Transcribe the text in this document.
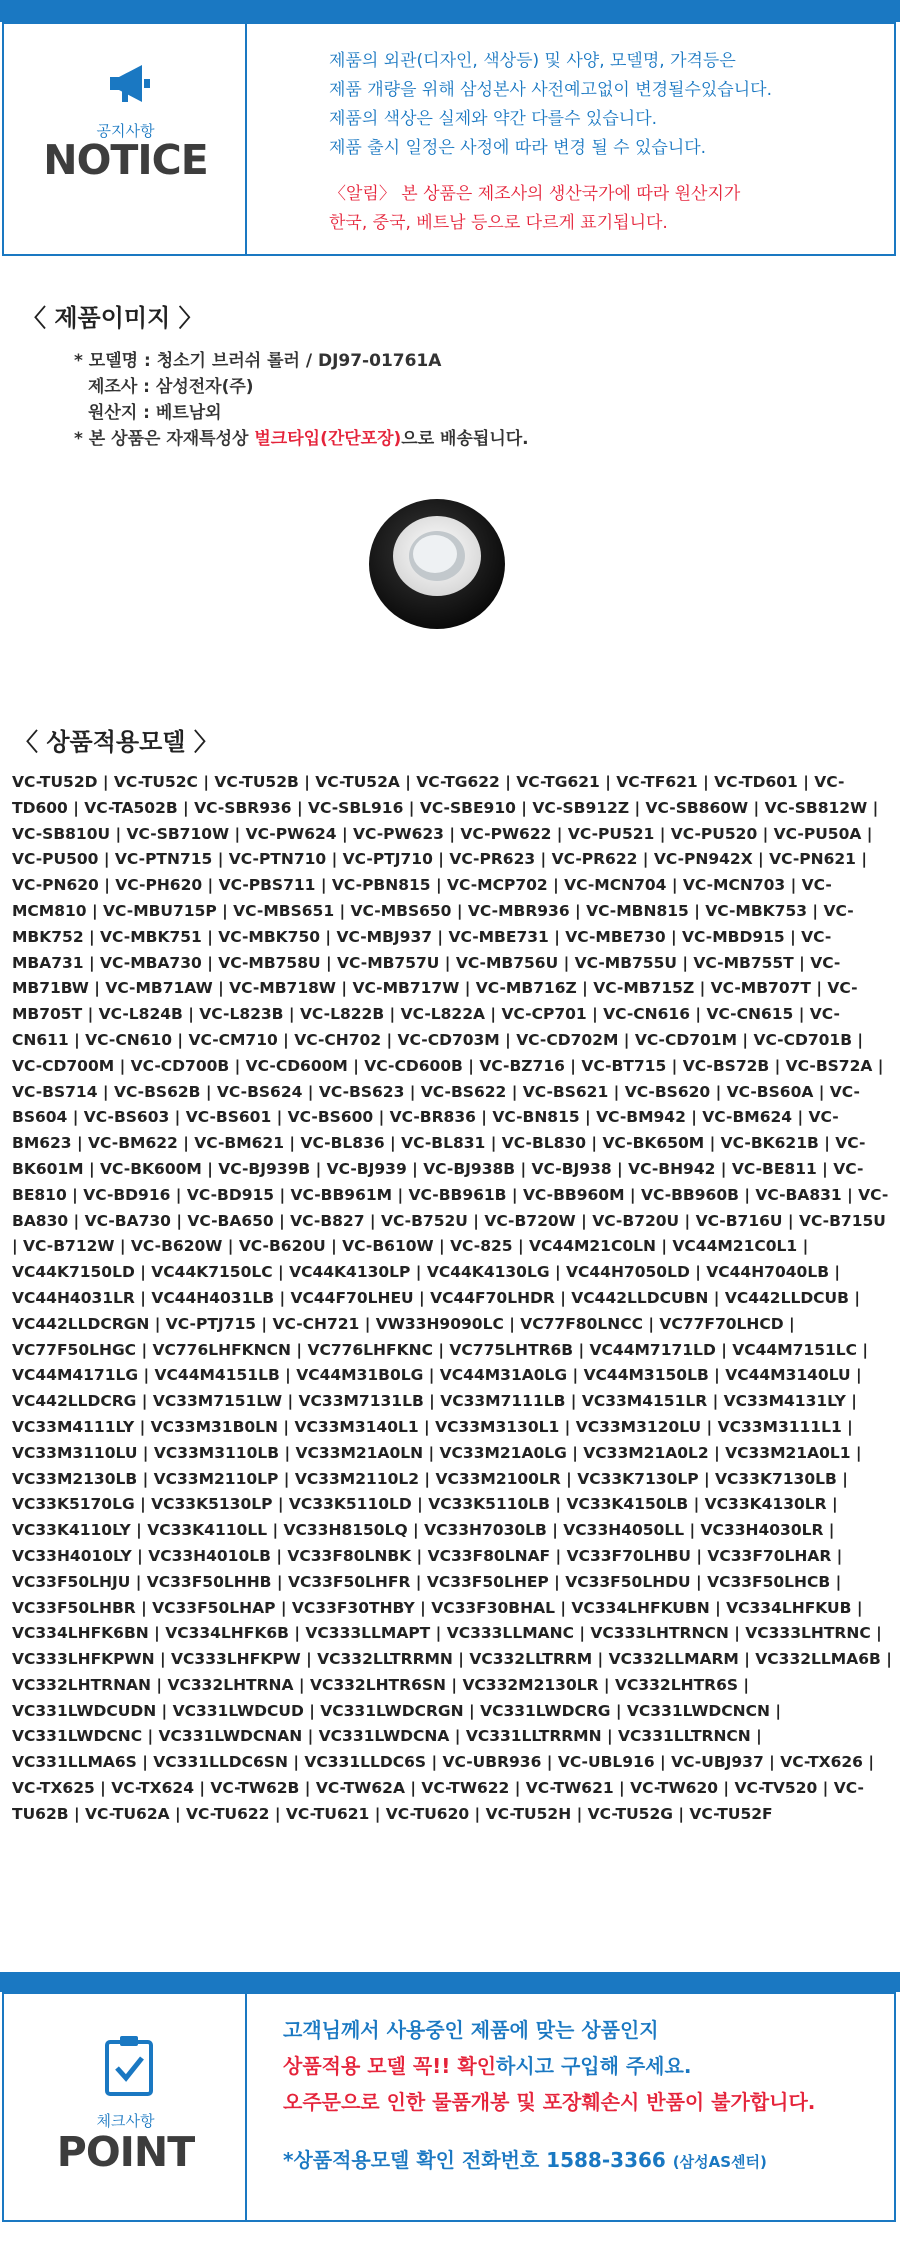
공지사항
NOTICE
제품의 외관(디자인, 색상등) 및 사양, 모델명, 가격등은
제품 개량을 위해 삼성본사 사전예고없이 변경될수있습니다.
제품의 색상은 실제와 약간 다를수 있습니다.
제품 출시 일정은 사정에 따라 변경 될 수 있습니다.
〈알림〉 본 상품은 제조사의 생산국가에 따라 원산지가
한국, 중국, 베트남 등으로 다르게 표기됩니다.
〈 제품이미지 〉
* 모델명 : 청소기 브러쉬 롤러 / DJ97-01761A
제조사 : 삼성전자(주)
원산지 : 베트남외
* 본 상품은 자재특성상 벌크타입(간단포장)으로 배송됩니다.
〈 상품적용모델 〉
VC-TU52D | VC-TU52C | VC-TU52B | VC-TU52A | VC-TG622 | VC-TG621 | VC-TF621 | VC-TD601 | VC-TD600 | VC-TA502B | VC-SBR936 | VC-SBL916 | VC-SBE910 | VC-SB912Z | VC-SB860W | VC-SB812W | VC-SB810U | VC-SB710W | VC-PW624 | VC-PW623 | VC-PW622 | VC-PU521 | VC-PU520 | VC-PU50A | VC-PU500 | VC-PTN715 | VC-PTN710 | VC-PTJ710 | VC-PR623 | VC-PR622 | VC-PN942X | VC-PN621 | VC-PN620 | VC-PH620 | VC-PBS711 | VC-PBN815 | VC-MCP702 | VC-MCN704 | VC-MCN703 | VC-MCM810 | VC-MBU715P | VC-MBS651 | VC-MBS650 | VC-MBR936 | VC-MBN815 | VC-MBK753 | VC-MBK752 | VC-MBK751 | VC-MBK750 | VC-MBJ937 | VC-MBE731 | VC-MBE730 | VC-MBD915 | VC-MBA731 | VC-MBA730 | VC-MB758U | VC-MB757U | VC-MB756U | VC-MB755U | VC-MB755T | VC-MB71BW | VC-MB71AW | VC-MB718W | VC-MB717W | VC-MB716Z | VC-MB715Z | VC-MB707T | VC-MB705T | VC-L824B | VC-L823B | VC-L822B | VC-L822A | VC-CP701 | VC-CN616 | VC-CN615 | VC-CN611 | VC-CN610 | VC-CM710 | VC-CH702 | VC-CD703M | VC-CD702M | VC-CD701M | VC-CD701B | VC-CD700M | VC-CD700B | VC-CD600M | VC-CD600B | VC-BZ716 | VC-BT715 | VC-BS72B | VC-BS72A | VC-BS714 | VC-BS62B | VC-BS624 | VC-BS623 | VC-BS622 | VC-BS621 | VC-BS620 | VC-BS60A | VC-BS604 | VC-BS603 | VC-BS601 | VC-BS600 | VC-BR836 | VC-BN815 | VC-BM942 | VC-BM624 | VC-BM623 | VC-BM622 | VC-BM621 | VC-BL836 | VC-BL831 | VC-BL830 | VC-BK650M | VC-BK621B | VC-BK601M | VC-BK600M | VC-BJ939B | VC-BJ939 | VC-BJ938B | VC-BJ938 | VC-BH942 | VC-BE811 | VC-BE810 | VC-BD916 | VC-BD915 | VC-BB961M | VC-BB961B | VC-BB960M | VC-BB960B | VC-BA831 | VC-BA830 | VC-BA730 | VC-BA650 | VC-B827 | VC-B752U | VC-B720W | VC-B720U | VC-B716U | VC-B715U | VC-B712W | VC-B620W | VC-B620U | VC-B610W | VC-825 | VC44M21C0LN | VC44M21C0L1 | VC44K7150LD | VC44K7150LC | VC44K4130LP | VC44K4130LG | VC44H7050LD | VC44H7040LB | VC44H4031LR | VC44H4031LB | VC44F70LHEU | VC44F70LHDR | VC442LLDCUBN | VC442LLDCUB | VC442LLDCRGN | VC-PTJ715 | VC-CH721 | VW33H9090LC | VC77F80LNCC | VC77F70LHCD | VC77F50LHGC | VC776LHFKNCN | VC776LHFKNC | VC775LHTR6B | VC44M7171LD | VC44M7151LC | VC44M4171LG | VC44M4151LB | VC44M31B0LG | VC44M31A0LG | VC44M3150LB | VC44M3140LU | VC442LLDCRG | VC33M7151LW | VC33M7131LB | VC33M7111LB | VC33M4151LR | VC33M4131LY | VC33M4111LY | VC33M31B0LN | VC33M3140L1 | VC33M3130L1 | VC33M3120LU | VC33M3111L1 | VC33M3110LU | VC33M3110LB | VC33M21A0LN | VC33M21A0LG | VC33M21A0L2 | VC33M21A0L1 | VC33M2130LB | VC33M2110LP | VC33M2110L2 | VC33M2100LR | VC33K7130LP | VC33K7130LB | VC33K5170LG | VC33K5130LP | VC33K5110LD | VC33K5110LB | VC33K4150LB | VC33K4130LR | VC33K4110LY | VC33K4110LL | VC33H8150LQ | VC33H7030LB | VC33H4050LL | VC33H4030LR | VC33H4010LY | VC33H4010LB | VC33F80LNBK | VC33F80LNAF | VC33F70LHBU | VC33F70LHAR | VC33F50LHJU | VC33F50LHHB | VC33F50LHFR | VC33F50LHEP | VC33F50LHDU | VC33F50LHCB | VC33F50LHBR | VC33F50LHAP | VC33F30THBY | VC33F30BHAL | VC334LHFKUBN | VC334LHFKUB | VC334LHFK6BN | VC334LHFK6B | VC333LLMAPT | VC333LLMANC | VC333LHTRNCN | VC333LHTRNC | VC333LHFKPWN | VC333LHFKPW | VC332LLTRRMN | VC332LLTRRM | VC332LLMARM | VC332LLMA6B | VC332LHTRNAN | VC332LHTRNA | VC332LHTR6SN | VC332M2130LR | VC332LHTR6S | VC331LWDCUDN | VC331LWDCUD | VC331LWDCRGN | VC331LWDCRG | VC331LWDCNCN | VC331LWDCNC | VC331LWDCNAN | VC331LWDCNA | VC331LLTRRMN | VC331LLTRNCN | VC331LLMA6S | VC331LLDC6SN | VC331LLDC6S | VC-UBR936 | VC-UBL916 | VC-UBJ937 | VC-TX626 | VC-TX625 | VC-TX624 | VC-TW62B | VC-TW62A | VC-TW622 | VC-TW621 | VC-TW620 | VC-TV520 | VC-TU62B | VC-TU62A | VC-TU622 | VC-TU621 | VC-TU620 | VC-TU52H | VC-TU52G | VC-TU52F
체크사항
POINT
고객님께서 사용중인 제품에 맞는 상품인지
상품적용 모델 꼭!! 확인하시고 구입해 주세요.
오주문으로 인한 물품개봉 및 포장훼손시 반품이 불가합니다.
*상품적용모델 확인 전화번호 1588-3366 (삼성AS센터)
